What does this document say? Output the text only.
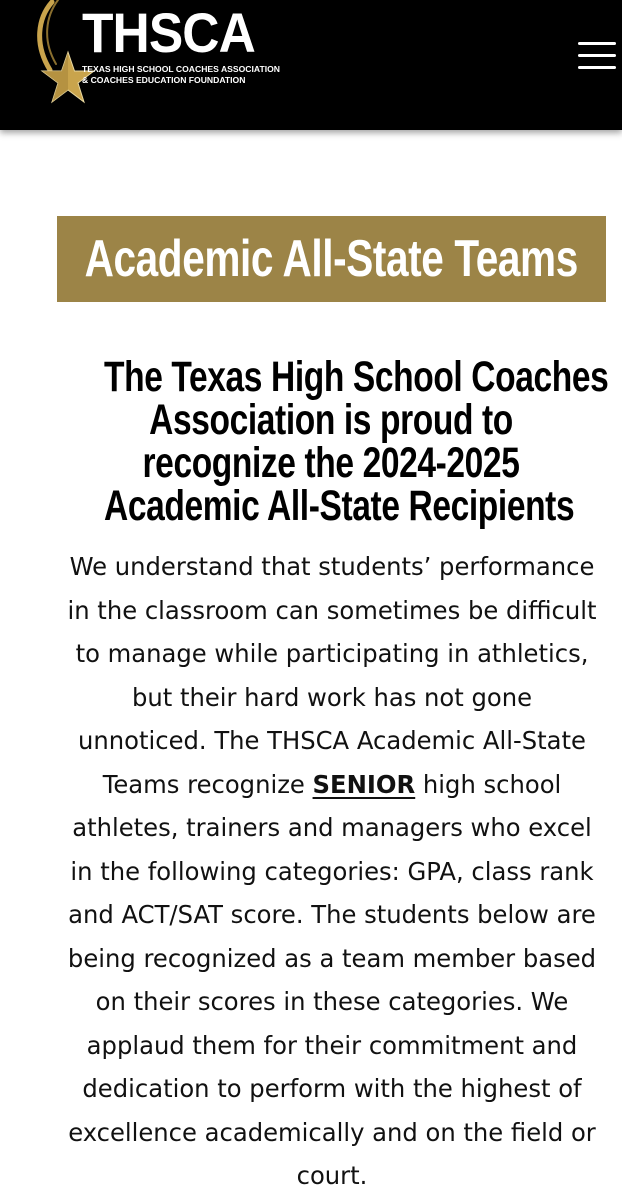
THSCA
TEXAS HIGH SCHOOL COACHES ASSOCIATION
& COACHES EDUCATION FOUNDATION
Academic All-State Teams
The Texas High School Coaches
Association is proud to
recognize the 2024-2025
Academic All-State Recipients
We understand that students’ performance
in the classroom can sometimes be difficult
to manage while participating in athletics,
but their hard work has not gone
unnoticed. The THSCA Academic All-State
Teams recognize SENIOR high school
athletes, trainers and managers who excel
in the following categories: GPA, class rank
and ACT/SAT score. The students below are
being recognized as a team member based
on their scores in these categories. We
applaud them for their commitment and
dedication to perform with the highest of
excellence academically and on the field or
court.
